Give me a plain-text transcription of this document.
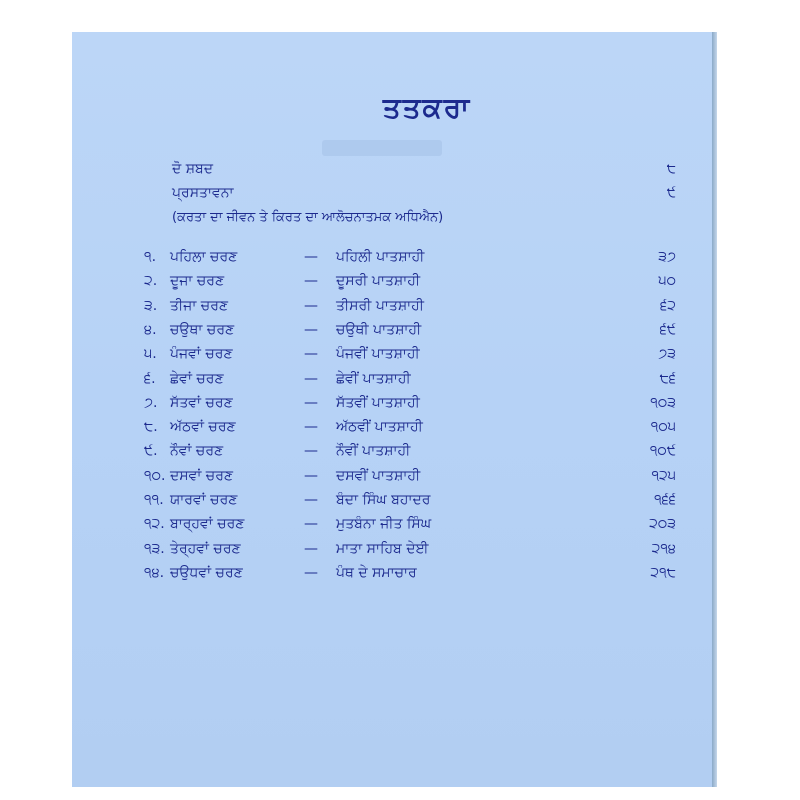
ਤਤਕਰਾ
ਦੋ ਸ਼ਬਦ	੮
ਪ੍ਰਸਤਾਵਨਾ	੯
(ਕਰਤਾ ਦਾ ਜੀਵਨ ਤੇ ਕਿਰਤ ਦਾ ਆਲੋਚਨਾਤਮਕ ਅਧਿਐਨ)
੧. ਪਹਿਲਾ ਚਰਣ	— ਪਹਿਲੀ ਪਾਤਸ਼ਾਹੀ	੩੭
੨. ਦੂਜਾ ਚਰਣ	— ਦੂਸਰੀ ਪਾਤਸ਼ਾਹੀ	੫੦
੩. ਤੀਜਾ ਚਰਣ	— ਤੀਸਰੀ ਪਾਤਸ਼ਾਹੀ	੬੨
੪. ਚਉਥਾ ਚਰਣ	— ਚਉਥੀ ਪਾਤਸ਼ਾਹੀ	੬੯
੫. ਪੰਜਵਾਂ ਚਰਣ	— ਪੰਜਵੀਂ ਪਾਤਸ਼ਾਹੀ	੭੩
੬. ਛੇਵਾਂ ਚਰਣ	— ਛੇਵੀਂ ਪਾਤਸ਼ਾਹੀ	੮੬
੭. ਸੱਤਵਾਂ ਚਰਣ	— ਸੱਤਵੀਂ ਪਾਤਸ਼ਾਹੀ	੧੦੩
੮. ਅੱਠਵਾਂ ਚਰਣ	— ਅੱਠਵੀਂ ਪਾਤਸ਼ਾਹੀ	੧੦੫
੯. ਨੌਵਾਂ ਚਰਣ	— ਨੌਵੀਂ ਪਾਤਸ਼ਾਹੀ	੧੦੯
੧੦. ਦਸਵਾਂ ਚਰਣ	— ਦਸਵੀਂ ਪਾਤਸ਼ਾਹੀ	੧੨੫
੧੧. ਯਾਰਵਾਂ ਚਰਣ	— ਬੰਦਾ ਸਿੰਘ ਬਹਾਦਰ	੧੬੬
੧੨. ਬਾਰ੍ਹਵਾਂ ਚਰਣ	— ਮੁਤਬੰਨਾ ਜੀਤ ਸਿੰਘ	੨੦੩
੧੩. ਤੇਰ੍ਹਵਾਂ ਚਰਣ	— ਮਾਤਾ ਸਾਹਿਬ ਦੇਈ	੨੧੪
੧੪. ਚਉਧਵਾਂ ਚਰਣ	— ਪੰਥ ਦੇ ਸਮਾਚਾਰ	੨੧੮
